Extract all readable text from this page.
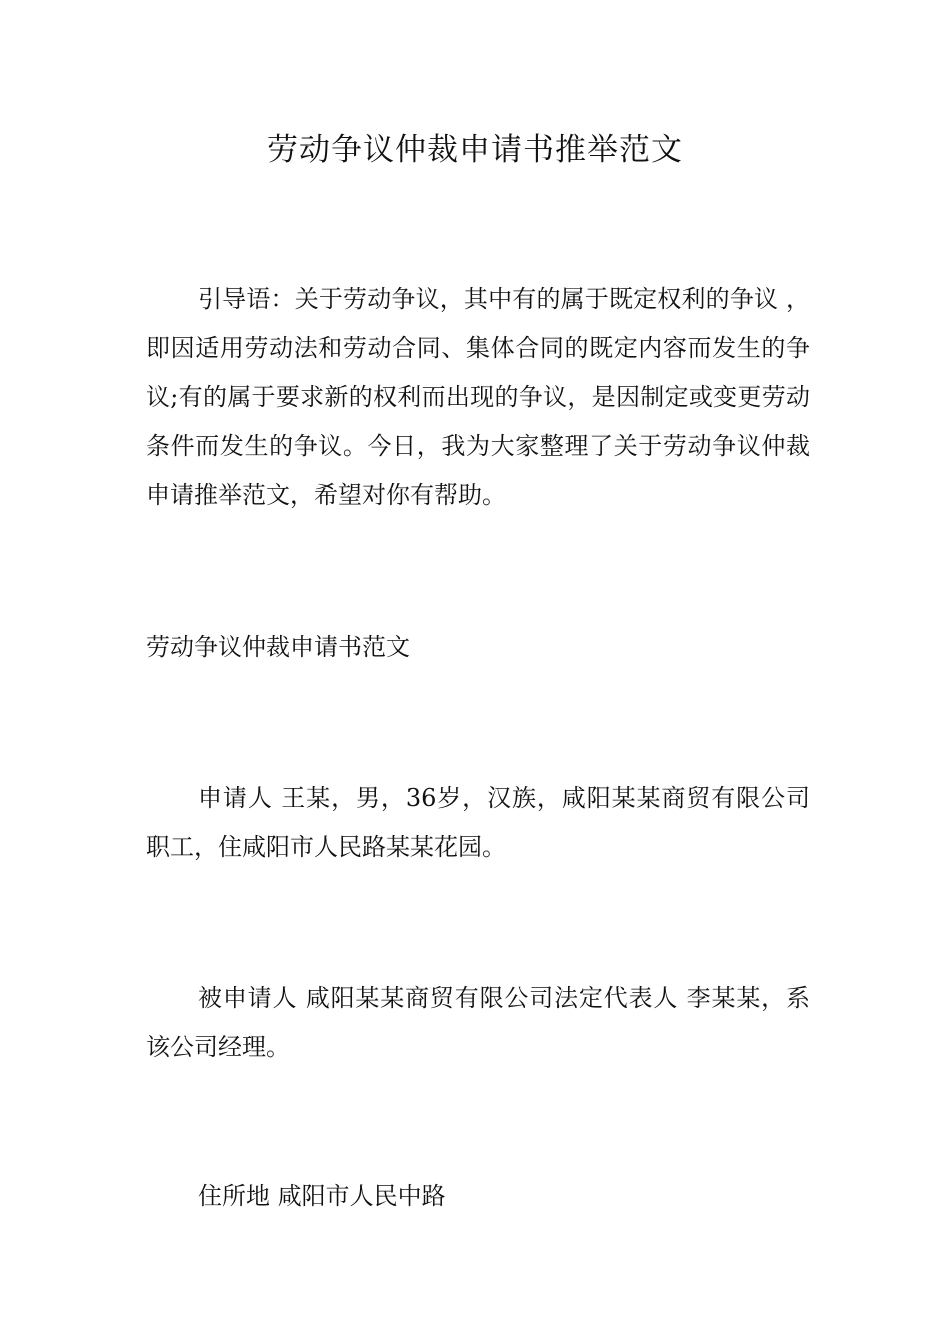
劳动争议仲裁申请书推举范文

引导语：关于劳动争议，其中有的属于既定权利的争议 ，即因适用劳动法和劳动合同、集体合同的既定内容而发生的争议;有的属于要求新的权利而出现的争议，是因制定或变更劳动条件而发生的争议。今日，我为大家整理了关于劳动争议仲裁申请推举范文，希望对你有帮助。

劳动争议仲裁申请书范文

申请人 王某，男，36岁，汉族，咸阳某某商贸有限公司职工，住咸阳市人民路某某花园。

被申请人 咸阳某某商贸有限公司法定代表人 李某某，系该公司经理。

住所地 咸阳市人民中路
